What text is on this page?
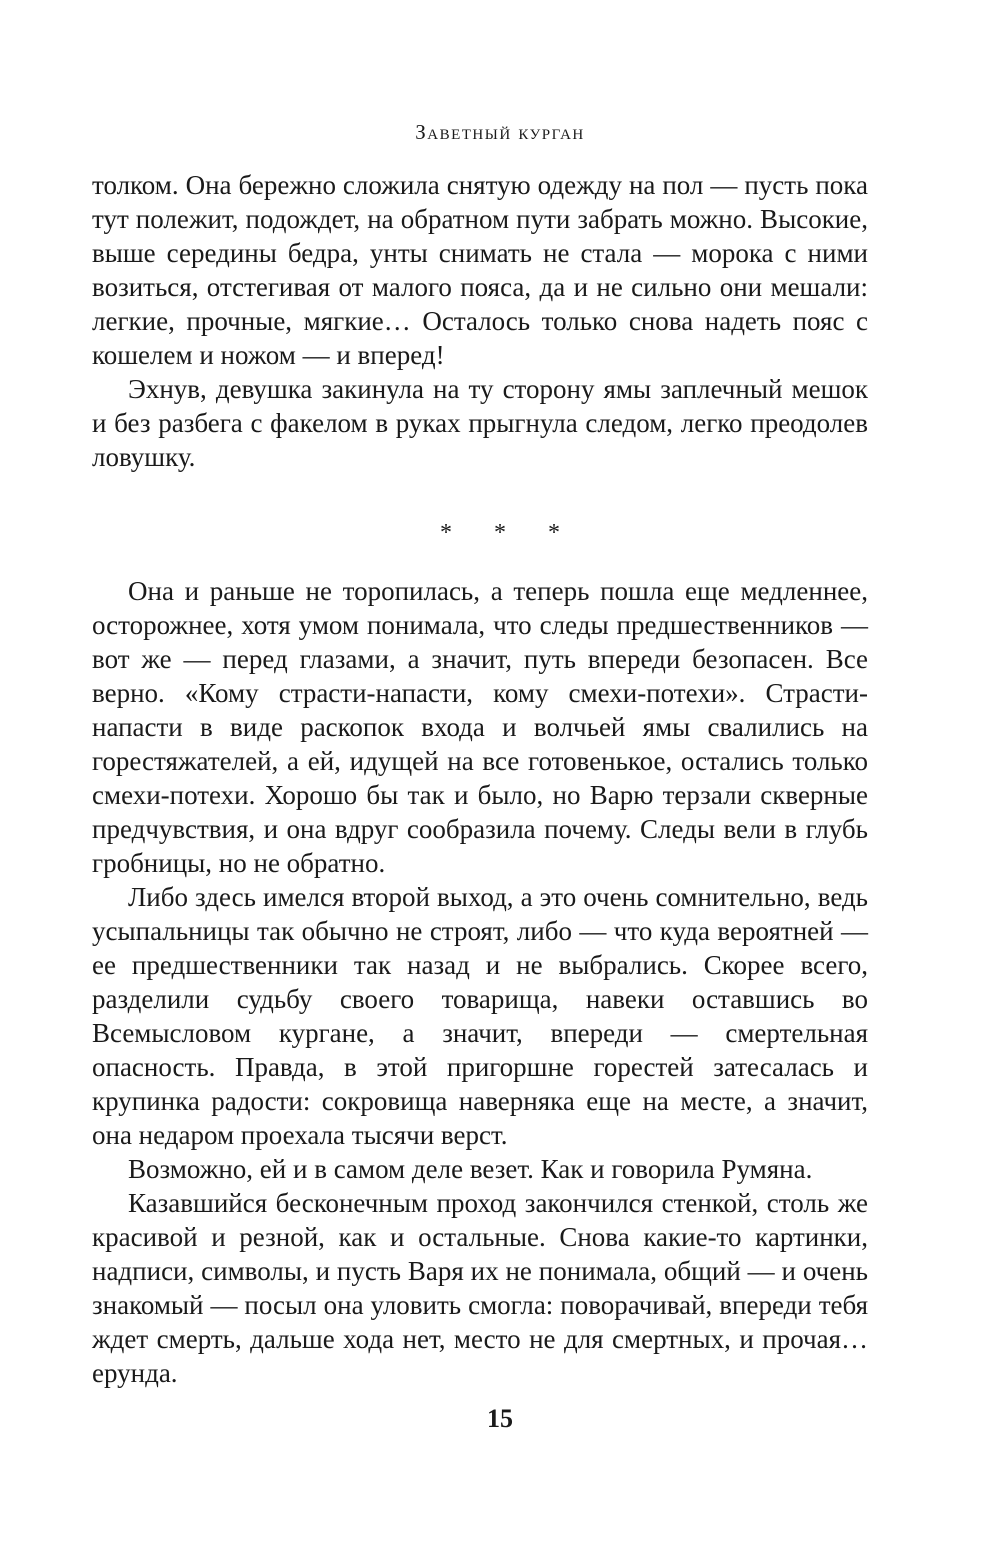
Заветный курган

толком. Она бережно сложила снятую одежду на пол — пусть пока тут полежит, подождет, на обратном пути забрать можно. Высокие, выше середины бедра, унты снимать не стала — морока с ними возиться, отстегивая от малого пояса, да и не сильно они мешали: легкие, прочные, мягкие… Осталось только снова надеть пояс с кошелем и ножом — и вперед!

Эхнув, девушка закинула на ту сторону ямы заплечный мешок и без разбега с факелом в руках прыгнула следом, легко преодолев ловушку.

* * *

Она и раньше не торопилась, а теперь пошла еще медленнее, осторожнее, хотя умом понимала, что следы предшественников — вот же — перед глазами, а значит, путь впереди безопасен. Все верно. «Кому страсти-напасти, кому смехи-потехи». Страсти-напасти в виде раскопок входа и волчьей ямы свалились на горестяжателей, а ей, идущей на все готовенькое, остались только смехи-потехи. Хорошо бы так и было, но Варю терзали скверные предчувствия, и она вдруг сообразила почему. Следы вели в глубь гробницы, но не обратно.

Либо здесь имелся второй выход, а это очень сомнительно, ведь усыпальницы так обычно не строят, либо — что куда вероятней — ее предшественники так назад и не выбрались. Скорее всего, разделили судьбу своего товарища, навеки оставшись во Всемысловом кургане, а значит, впереди — смертельная опасность. Правда, в этой пригоршне горестей затесалась и крупинка радости: сокровища наверняка еще на месте, а значит, она недаром проехала тысячи верст.

Возможно, ей и в самом деле везет. Как и говорила Румяна.

Казавшийся бесконечным проход закончился стенкой, столь же красивой и резной, как и остальные. Снова какие-то картинки, надписи, символы, и пусть Варя их не понимала, общий — и очень знакомый — посыл она уловить смогла: поворачивай, впереди тебя ждет смерть, дальше хода нет, место не для смертных, и прочая… ерунда.

15
